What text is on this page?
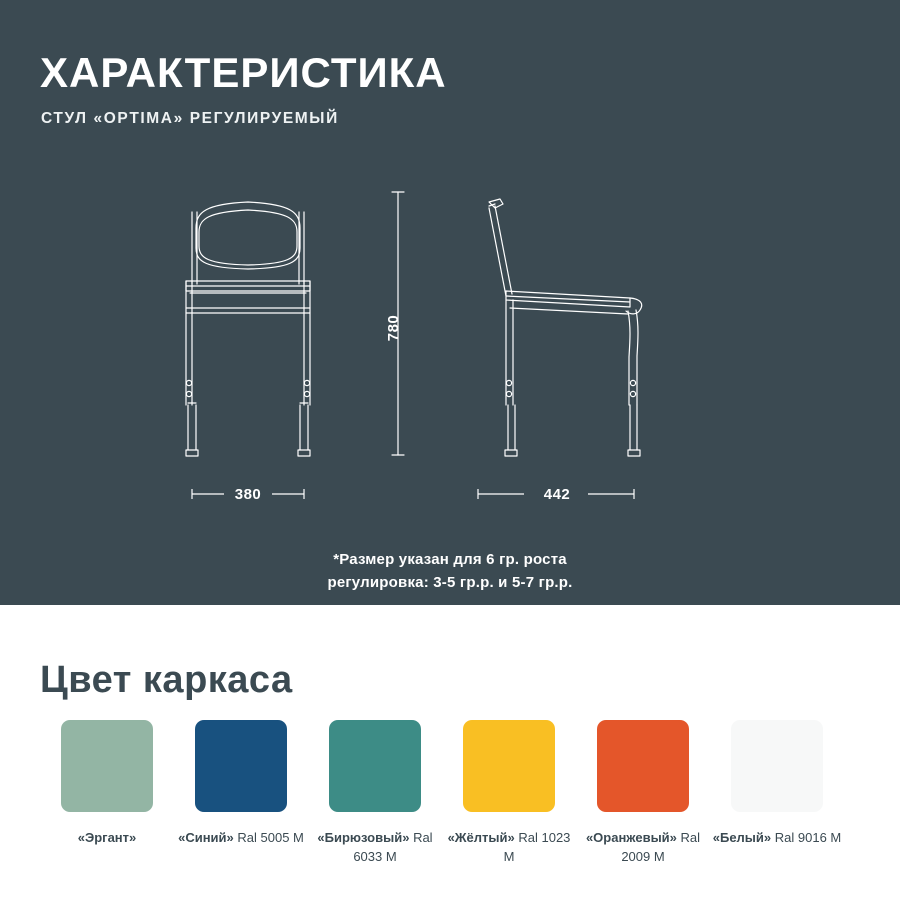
ХАРАКТЕРИСТИКА
СТУЛ «OPTIMA» РЕГУЛИРУЕМЫЙ
780
380	442
*Размер указан для 6 гр. роста
регулировка: 3-5 гр.р. и 5-7 гр.р.
Цвет каркаса
«Эргант»	«Синий» Ral 5005 M	«Бирюзовый» Ral 6033 M
«Жёлтый» Ral 1023 M
«Оранжевый» Ral 2009 M
«Белый» Ral 9016 M
